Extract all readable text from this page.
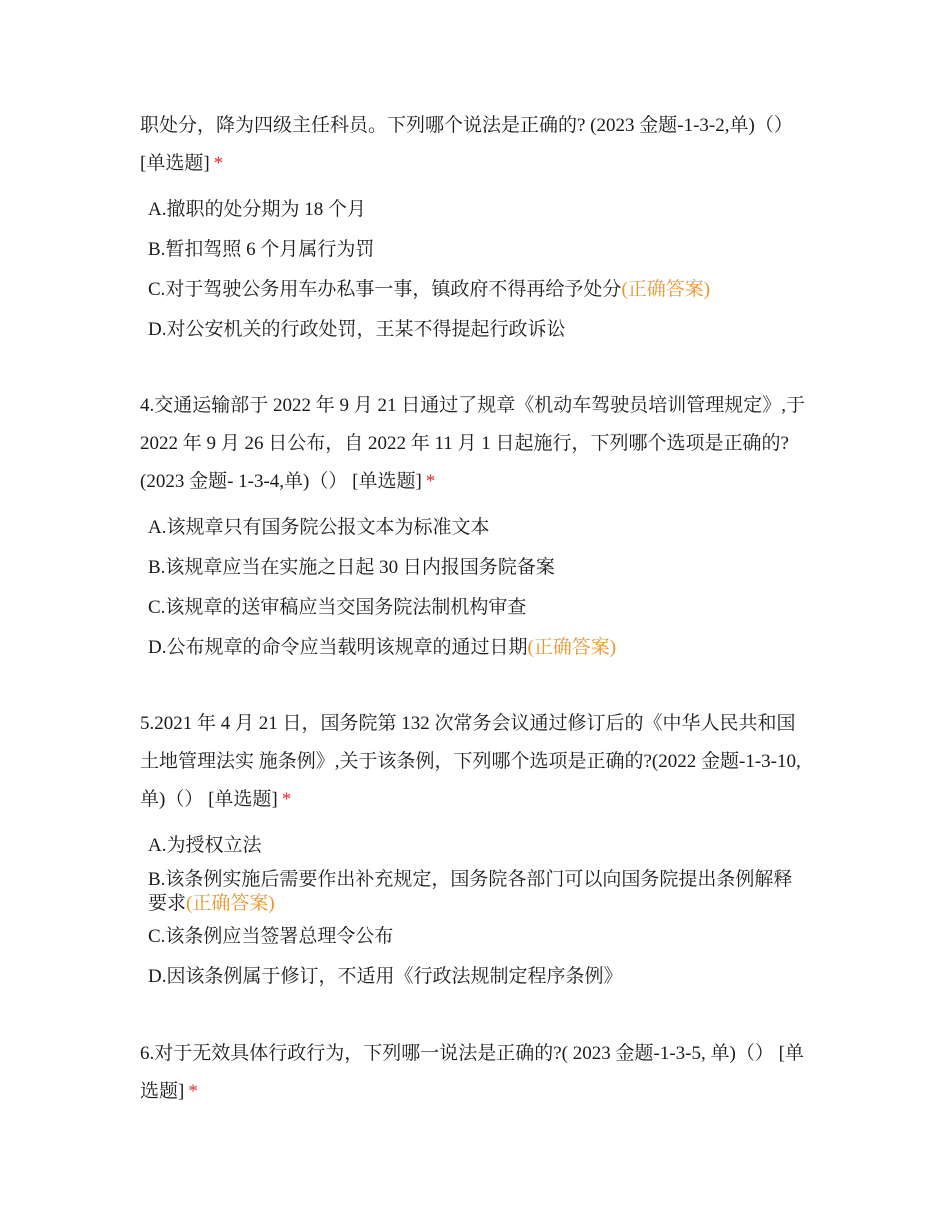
职处分，降为四级主任科员。下列哪个说法是正确的? (2023 金题-1-3-2,单)（） [单选题] *

A.撤职的处分期为 18 个月

B.暂扣驾照 6 个月属行为罚

C.对于驾驶公务用车办私事一事，镇政府不得再给予处分(正确答案)

D.对公安机关的行政处罚，王某不得提起行政诉讼

4.交通运输部于 2022 年 9 月 21 日通过了规章《机动车驾驶员培训管理规定》,于 2022 年 9 月 26 日公布，自 2022 年 11 月 1 日起施行，下列哪个选项是正确的? (2023 金题- 1-3-4,单)（） [单选题] *

A.该规章只有国务院公报文本为标准文本

B.该规章应当在实施之日起 30 日内报国务院备案

C.该规章的送审稿应当交国务院法制机构审查

D.公布规章的命令应当载明该规章的通过日期(正确答案)

5.2021 年 4 月 21 日，国务院第 132 次常务会议通过修订后的《中华人民共和国土地管理法实 施条例》,关于该条例，下列哪个选项是正确的?(2022 金题-1-3-10,单)（） [单选题] *

A.为授权立法

B.该条例实施后需要作出补充规定，国务院各部门可以向国务院提出条例解释要求(正确答案)

C.该条例应当签署总理令公布

D.因该条例属于修订，不适用《行政法规制定程序条例》

6.对于无效具体行政行为，下列哪一说法是正确的?( 2023 金题-1-3-5, 单)（） [单选题] *
